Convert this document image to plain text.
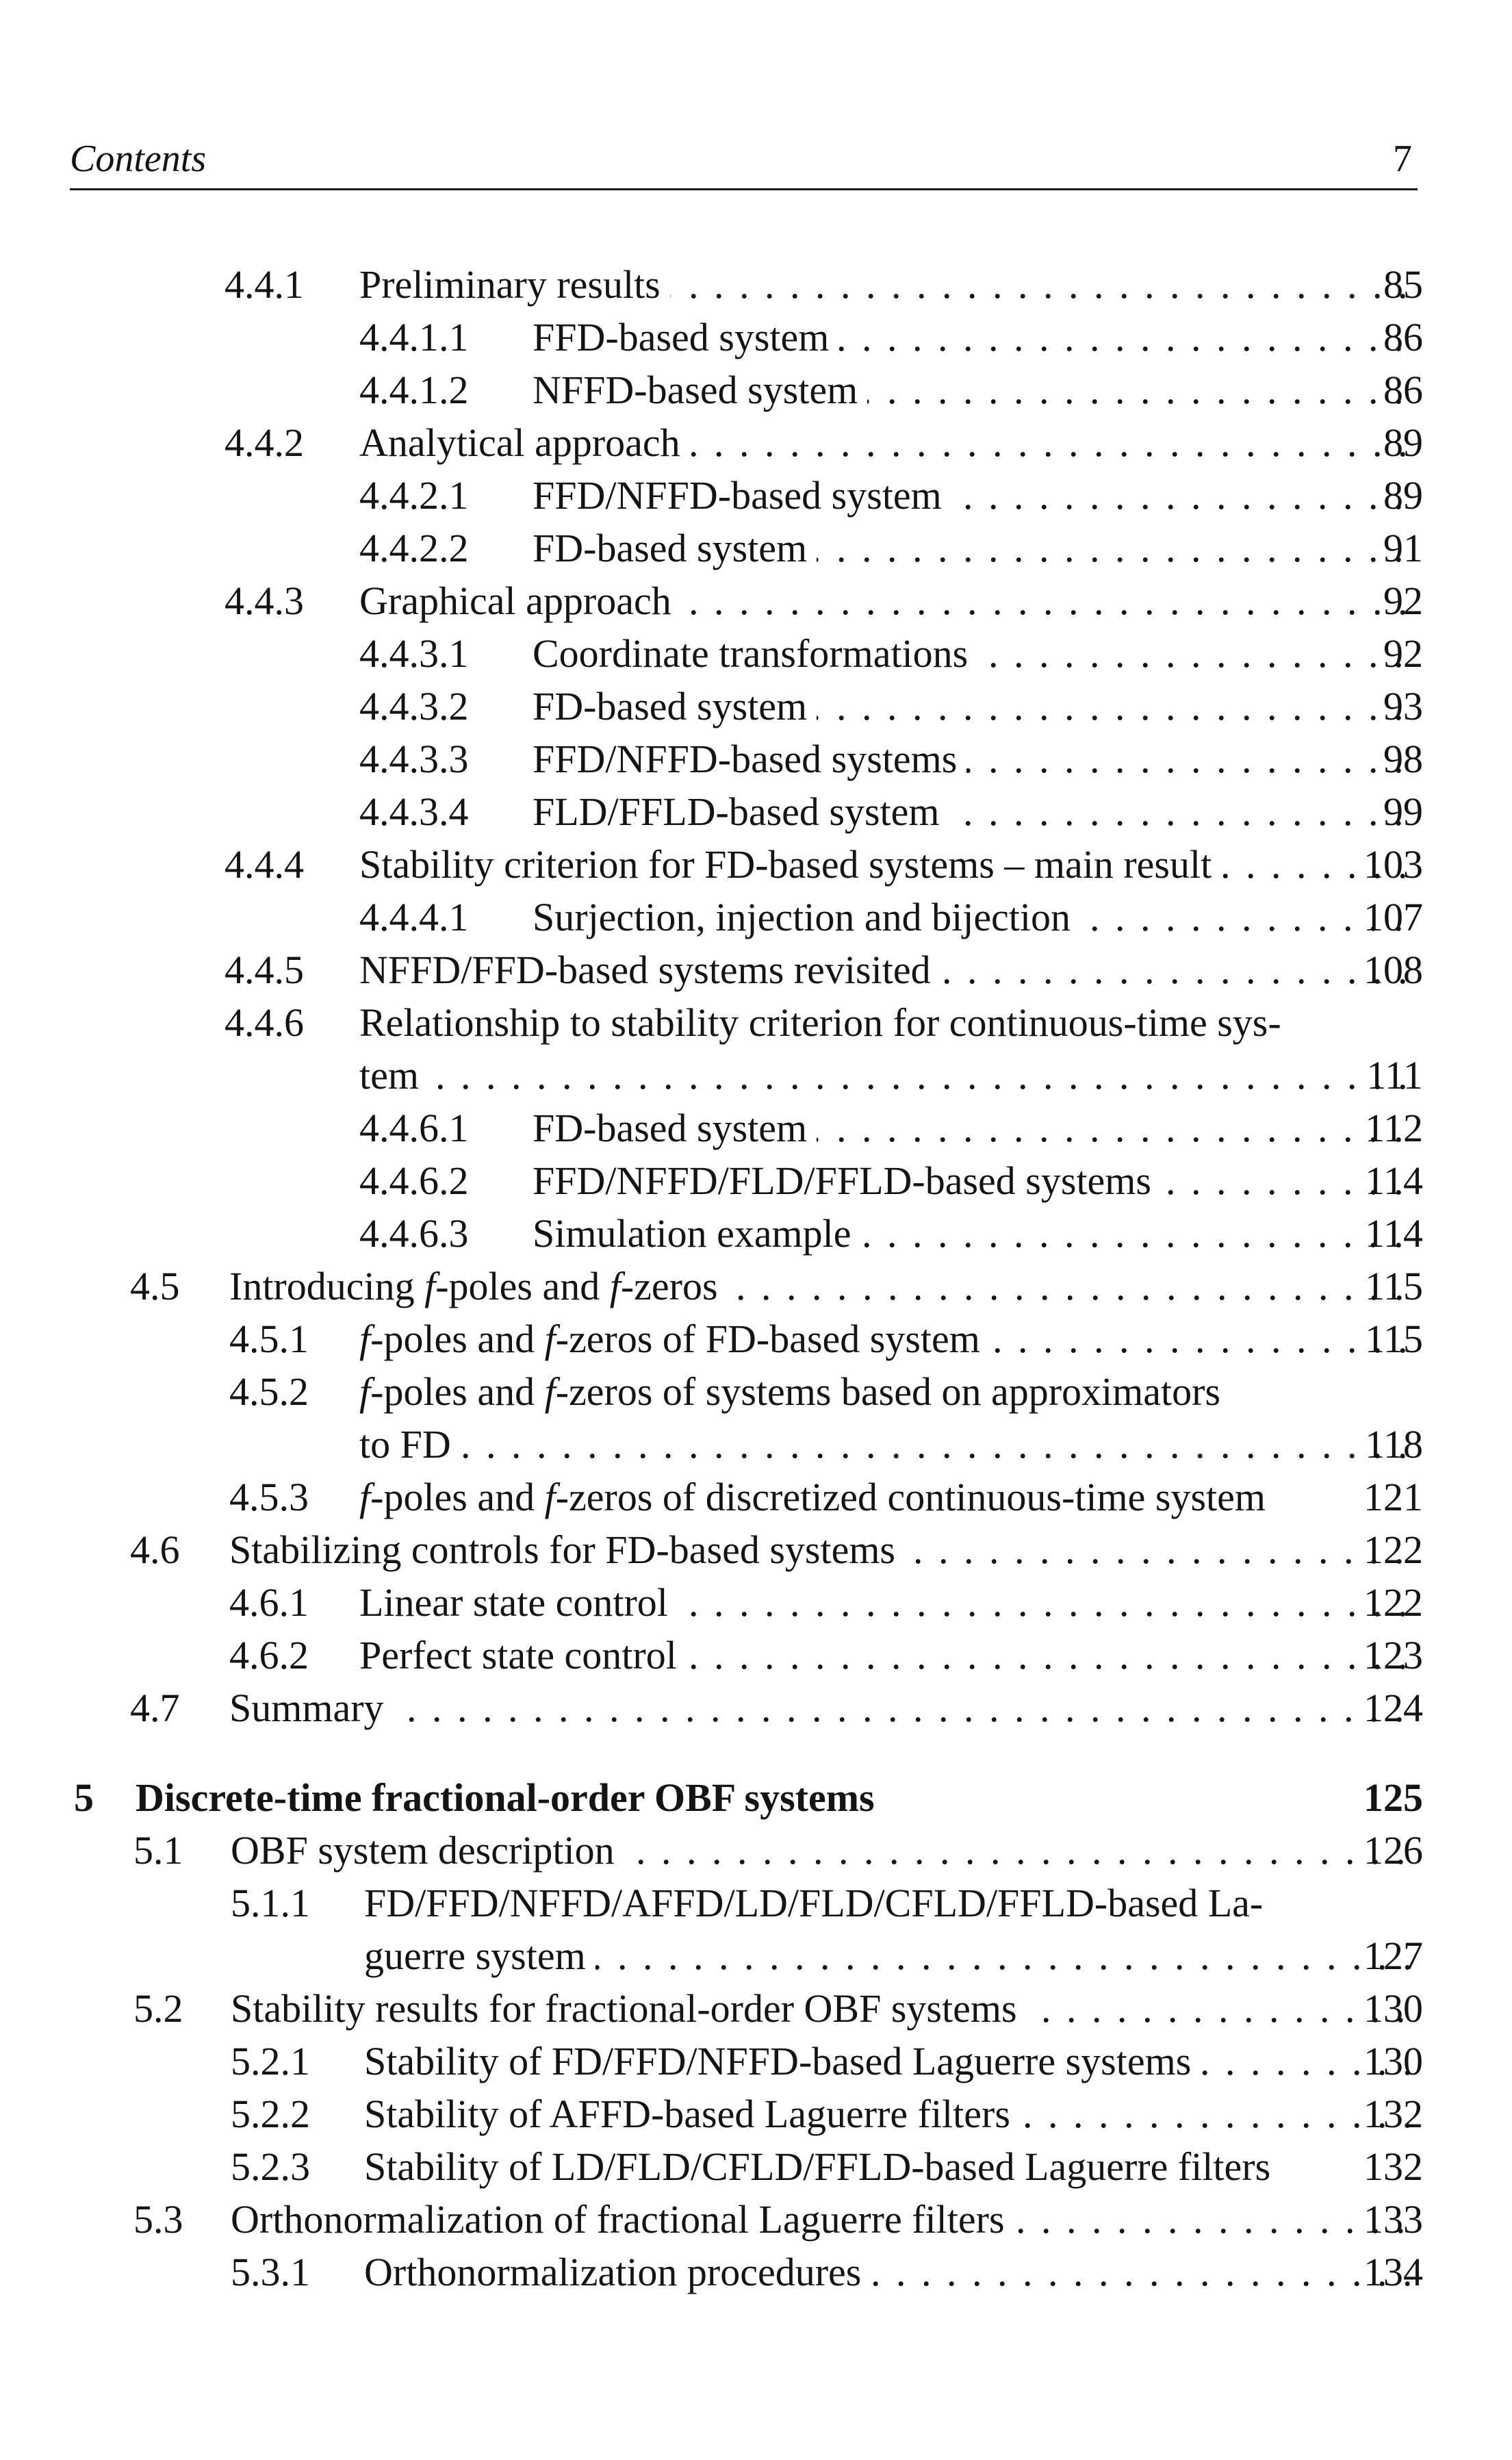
Contents	7
4.4.1 Preliminary results . . .	85
4.4.1.1 FFD-based system . . .	86
4.4.1.2 NFFD-based system . . .	86
4.4.2 Analytical approach . . .	89
4.4.2.1 FFD/NFFD-based system . . .	89
4.4.2.2 FD-based system . . .	91
4.4.3 Graphical approach . . .	92
4.4.3.1 Coordinate transformations . . .	92
4.4.3.2 FD-based system . . .	93
4.4.3.3 FFD/NFFD-based systems . . .	98
4.4.3.4 FLD/FFLD-based system . . .	99
4.4.4 Stability criterion for FD-based systems – main result . . .	103
4.4.4.1 Surjection, injection and bijection . . .	107
4.4.5 NFFD/FFD-based systems revisited . . .	108
4.4.6 Relationship to stability criterion for continuous-time sys-
tem . . .	111
4.4.6.1 FD-based system . . .	112
4.4.6.2 FFD/NFFD/FLD/FFLD-based systems . . .	114
4.4.6.3 Simulation example . . .	114
4.5 Introducing f-poles and f-zeros . . .	115
4.5.1 f-poles and f-zeros of FD-based system . . .	115
4.5.2 f-poles and f-zeros of systems based on approximators
to FD . . .	118
4.5.3 f-poles and f-zeros of discretized continuous-time system	121
4.6 Stabilizing controls for FD-based systems . . .	122
4.6.1 Linear state control . . .	122
4.6.2 Perfect state control . . .	123
4.7 Summary . . .	124
5 Discrete-time fractional-order OBF systems	125
5.1 OBF system description . . .	126
5.1.1 FD/FFD/NFFD/AFFD/LD/FLD/CFLD/FFLD-based La-
guerre system . . .	127
5.2 Stability results for fractional-order OBF systems . . .	130
5.2.1 Stability of FD/FFD/NFFD-based Laguerre systems . . .	130
5.2.2 Stability of AFFD-based Laguerre filters . . .	132
5.2.3 Stability of LD/FLD/CFLD/FFLD-based Laguerre filters	132
5.3 Orthonormalization of fractional Laguerre filters . . .	133
5.3.1 Orthonormalization procedures . . .	134
